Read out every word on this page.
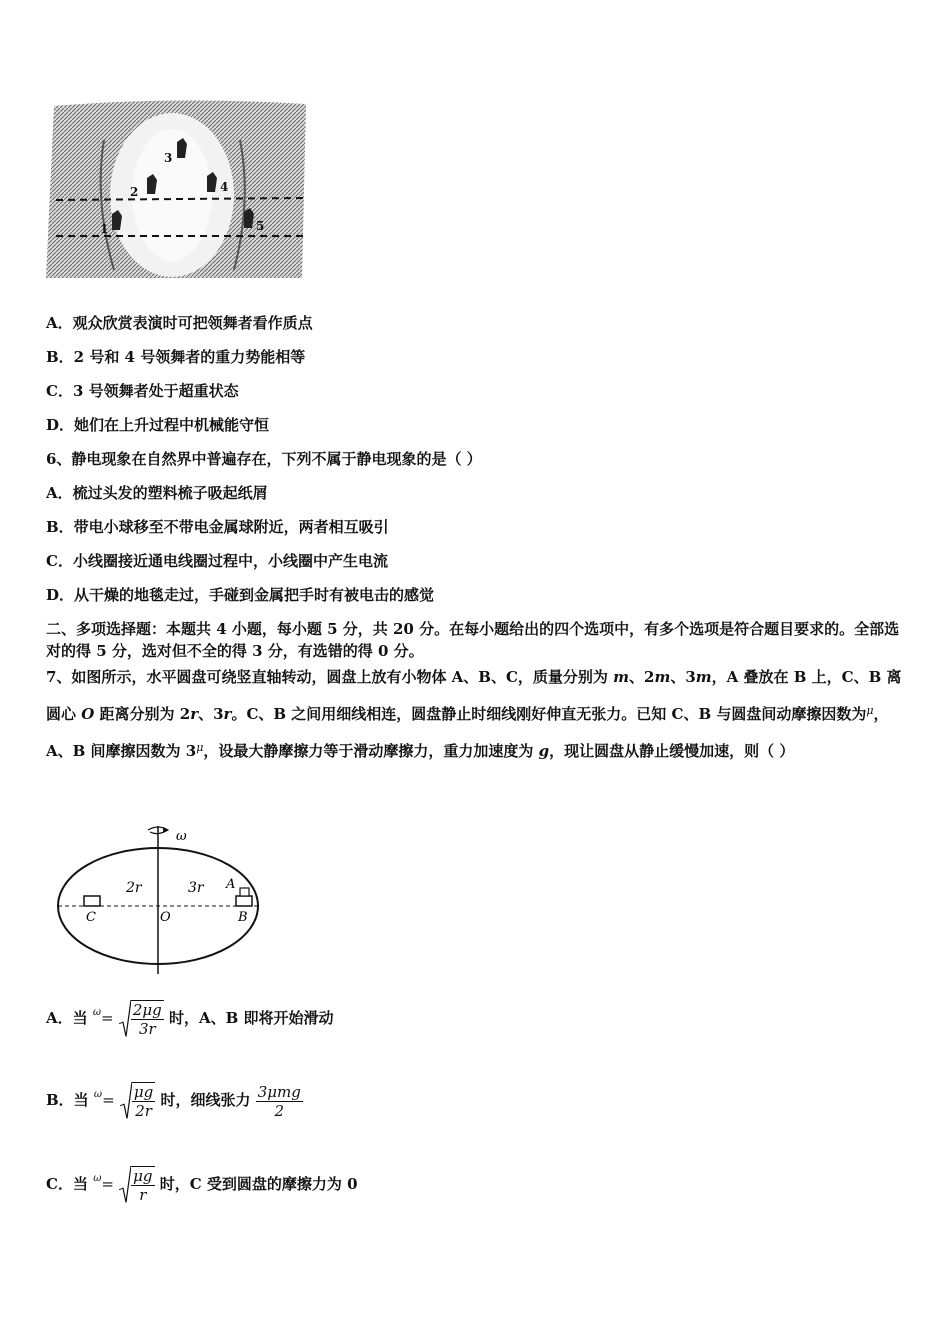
3
2	4
1	5
A．观众欣赏表演时可把领舞者看作质点
B．2 号和 4 号领舞者的重力势能相等
C．3 号领舞者处于超重状态
D．她们在上升过程中机械能守恒
6、静电现象在自然界中普遍存在，下列不属于静电现象的是（ ）
A．梳过头发的塑料梳子吸起纸屑
B．带电小球移至不带电金属球附近，两者相互吸引
C．小线圈接近通电线圈过程中，小线圈中产生电流
D．从干燥的地毯走过，手碰到金属把手时有被电击的感觉
二、多项选择题：本题共 4 小题，每小题 5 分，共 20 分。在每小题给出的四个选项中，有多个选项是符合题目要求的。全部选对的得 5 分，选对但不全的得 3 分，有选错的得 0 分。
7、如图所示，水平圆盘可绕竖直轴转动，圆盘上放有小物体 A、B、C，质量分别为 m、2m、3m，A 叠放在 B 上，C、B 离圆心 O 距离分别为 2r、3r。C、B 之间用细线相连，圆盘静止时细线刚好伸直无张力。已知 C、B 与圆盘间动摩擦因数为$^\mu$，A、B 间摩擦因数为 $3^\mu$，设最大静摩擦力等于滑动摩擦力，重力加速度为 g，现让圆盘从静止缓慢加速，则（ ）
ω
2r	3r A
B
C	O
A．当 $^\omega= \frac{2\mu g}{3r}$ 时，A、B 即将开始滑动
B．当 $^\omega= \frac{\mu g}{2r}$ 时，细线张力 $\frac{\text{3μmg}}{2}$
C．当 $^\omega= \frac{\mu g}{r}$ 时，C 受到圆盘的摩擦力为 0
